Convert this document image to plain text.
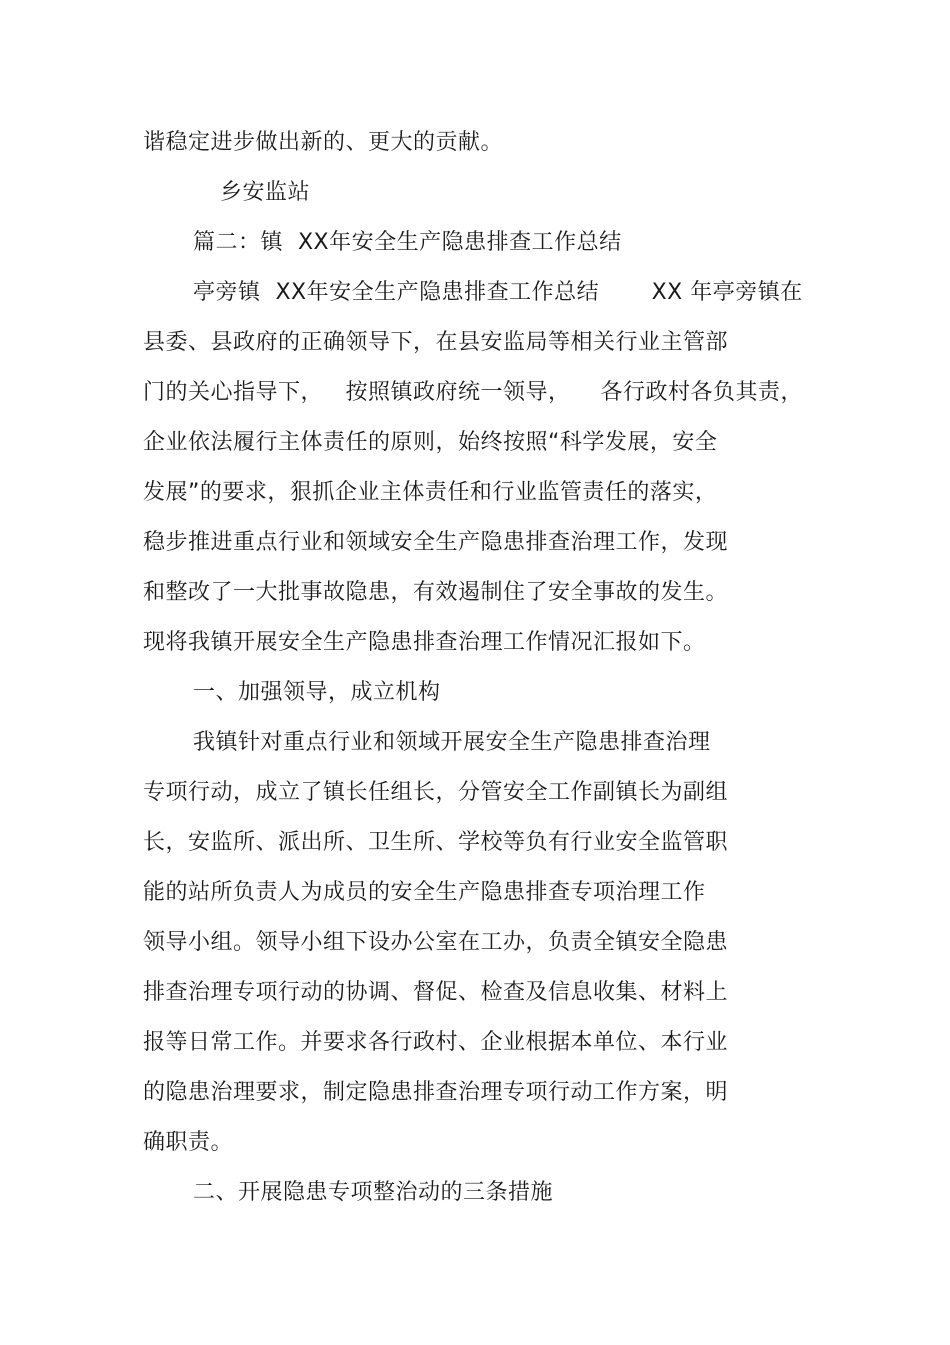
谐稳定进步做出新的、更大的贡献。
乡安监站
篇二：镇  XX年安全生产隐患排查工作总结
亭旁镇  XX年安全生产隐患排查工作总结       XX 年亭旁镇在
县委、县政府的正确领导下，在县安监局等相关行业主管部
门的关心指导下，   按照镇政府统一领导，    各行政村各负其责，
企业依法履行主体责任的原则，始终按照“科学发展，安全
发展”的要求，狠抓企业主体责任和行业监管责任的落实，
稳步推进重点行业和领域安全生产隐患排查治理工作，发现
和整改了一大批事故隐患，有效遏制住了安全事故的发生。
现将我镇开展安全生产隐患排查治理工作情况汇报如下。
一、加强领导，成立机构
我镇针对重点行业和领域开展安全生产隐患排查治理
专项行动，成立了镇长任组长，分管安全工作副镇长为副组
长，安监所、派出所、卫生所、学校等负有行业安全监管职
能的站所负责人为成员的安全生产隐患排查专项治理工作
领导小组。领导小组下设办公室在工办，负责全镇安全隐患
排查治理专项行动的协调、督促、检查及信息收集、材料上
报等日常工作。并要求各行政村、企业根据本单位、本行业
的隐患治理要求，制定隐患排查治理专项行动工作方案，明
确职责。
二、开展隐患专项整治动的三条措施
